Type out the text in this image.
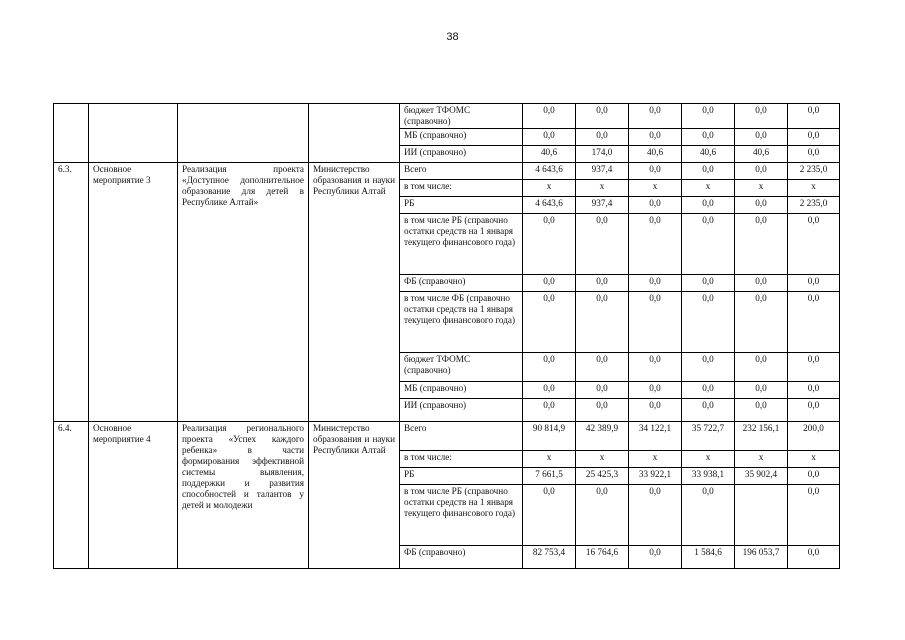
38
				бюджет ТФОМС (справочно)	0,0	0,0	0,0	0,0	0,0	0,0
				МБ (справочно)	0,0	0,0	0,0	0,0	0,0	0,0
				ИИ (справочно)	40,6	174,0	40,6	40,6	40,6	0,0
6.3.	Основное мероприятие 3	Реализация проекта «Доступное дополнительное образование для детей в Республике Алтай»	Министерство образования и науки Республики Алтай	Всего	4 643,6	937,4	0,0	0,0	0,0	2 235,0
				в том числе:	x	x	x	x	x	x
				РБ	4 643,6	937,4	0,0	0,0	0,0	2 235,0
				в том числе РБ (справочно остатки средств на 1 января текущего финансового года)	0,0	0,0	0,0	0,0	0,0	0,0
				ФБ (справочно)	0,0	0,0	0,0	0,0	0,0	0,0
				в том числе ФБ (справочно остатки средств на 1 января текущего финансового года)	0,0	0,0	0,0	0,0	0,0	0,0
				бюджет ТФОМС (справочно)	0,0	0,0	0,0	0,0	0,0	0,0
				МБ (справочно)	0,0	0,0	0,0	0,0	0,0	0,0
				ИИ (справочно)	0,0	0,0	0,0	0,0	0,0	0,0
6.4.	Основное мероприятие 4	Реализация регионального проекта «Успех каждого ребенка» в части формирования эффективной системы выявления, поддержки и развития способностей и талантов у детей и молодежи	Министерство образования и науки Республики Алтай	Всего	90 814,9	42 389,9	34 122,1	35 722,7	232 156,1	200,0
				в том числе:	x	x	x	x	x	x
				РБ	7 661,5	25 425,3	33 922,1	33 938,1	35 902,4	0,0
				в том числе РБ (справочно остатки средств на 1 января текущего финансового года)	0,0	0,0	0,0	0,0		0,0
				ФБ (справочно)	82 753,4	16 764,6	0,0	1 584,6	196 053,7	0,0
